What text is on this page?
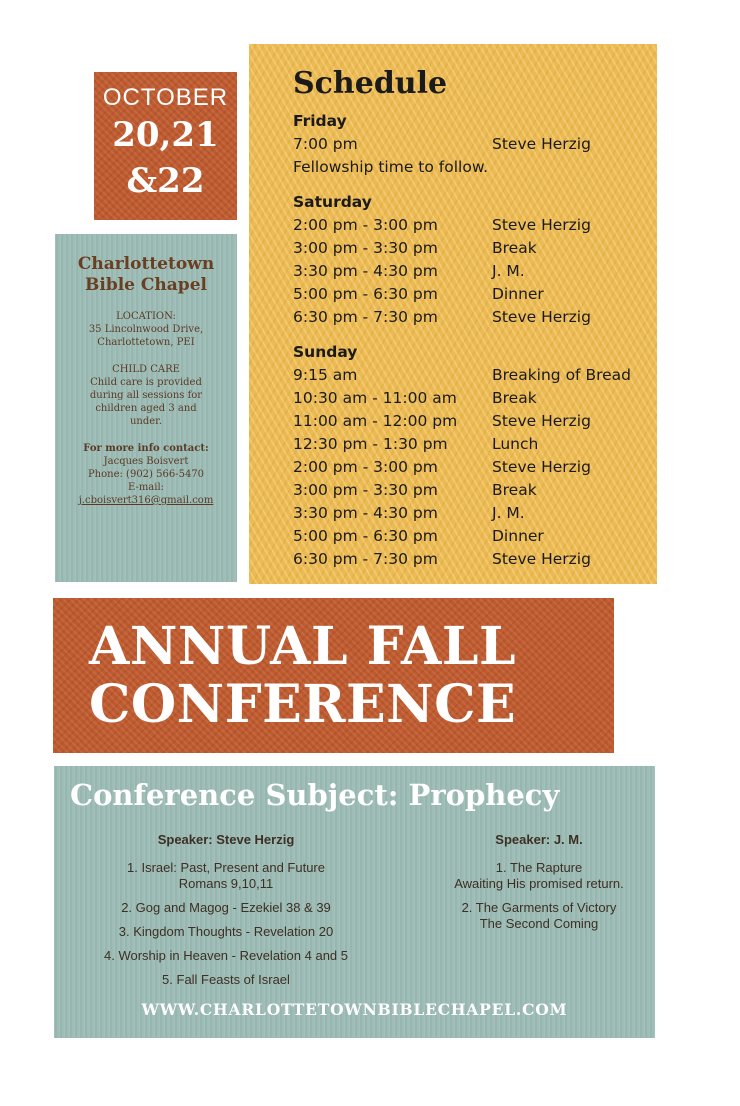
OCTOBER
20,21
&22
Charlottetown
Bible Chapel
LOCATION:
35 Lincolnwood Drive,
Charlottetown, PEI
CHILD CARE
Child care is provided
during all sessions for
children aged 3 and
under.
For more info contact:
Jacques Boisvert
Phone: (902) 566-5470
E-mail:
j.cboisvert316@gmail.com
Schedule
Friday
7:00 pm	Steve Herzig
Fellowship time to follow.
Saturday
2:00 pm - 3:00 pm	Steve Herzig
3:00 pm - 3:30 pm	Break
3:30 pm - 4:30 pm	J. M.
5:00 pm - 6:30 pm	Dinner
6:30 pm - 7:30 pm	Steve Herzig
Sunday
9:15 am	Breaking of Bread
10:30 am - 11:00 am	Break
11:00 am - 12:00 pm	Steve Herzig
12:30 pm - 1:30 pm	Lunch
2:00 pm - 3:00 pm	Steve Herzig
3:00 pm - 3:30 pm	Break
3:30 pm - 4:30 pm	J. M.
5:00 pm - 6:30 pm	Dinner
6:30 pm - 7:30 pm	Steve Herzig
ANNUAL FALL
CONFERENCE
Conference Subject: Prophecy
Speaker: Steve Herzig
1. Israel: Past, Present and Future
Romans 9,10,11
2. Gog and Magog - Ezekiel 38 & 39
3. Kingdom Thoughts - Revelation 20
4. Worship in Heaven - Revelation 4 and 5
5. Fall Feasts of Israel
Speaker: J. M.
1. The Rapture
Awaiting His promised return.
2. The Garments of Victory
The Second Coming
WWW.CHARLOTTETOWNBIBLECHAPEL.COM
